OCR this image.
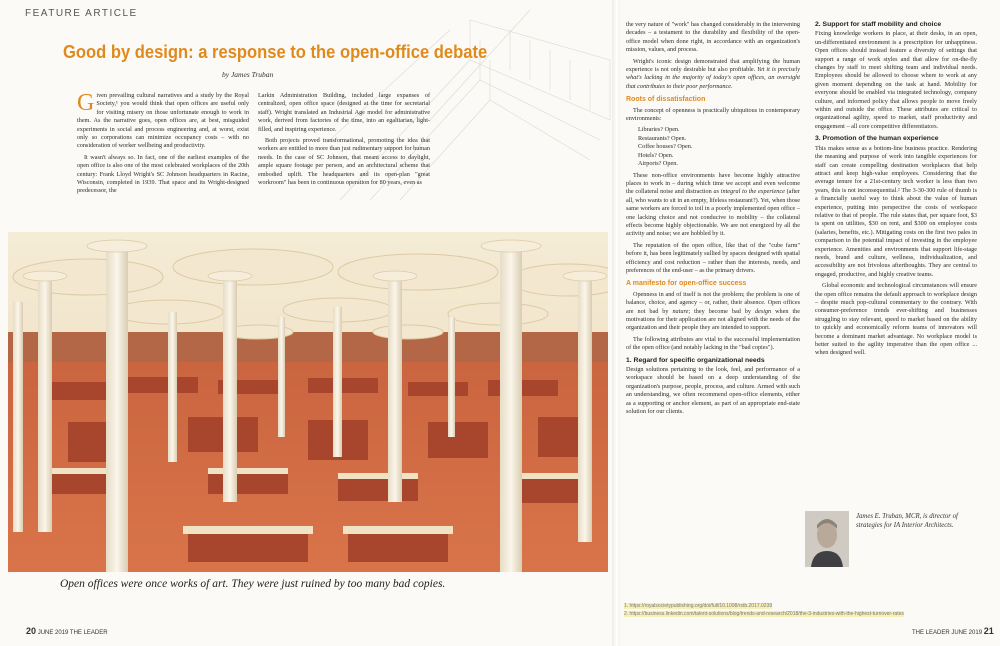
FEATURE ARTICLE
Good by design: a response to the open-office debate
by James Truban

Given prevailing cultural narratives and a study by the Royal Society,¹ you would think that open offices are useful only for visiting misery on those unfortunate enough to work in them. As the narrative goes, open offices are, at best, misguided experiments in social and process engineering and, at worst, exist only so corporations can minimize occupancy costs – with no consideration of worker wellbeing and productivity.

It wasn't always so. In fact, one of the earliest examples of the open office is also one of the most celebrated workplaces of the 20th century: Frank Lloyd Wright's SC Johnson headquarters in Racine, Wisconsin, completed in 1939. That space and its Wright-designed predecessor, the

Larkin Administration Building, included large expanses of centralized, open office space (designed at the time for secretarial staff). Wright translated an Industrial Age model for administrative work, derived from factories of the time, into an egalitarian, light-filled, and inspiring experience.

Both projects proved transformational, promoting the idea that workers are entitled to more than just rudimentary support for human needs. In the case of SC Johnson, that meant access to daylight, ample square footage per person, and an architectural scheme that embodied uplift. The headquarters and its open-plan "great workroom" has been in continuous operation for 80 years, even as

the very nature of "work" has changed considerably in the intervening decades – a testament to the durability and flexibility of the open-office model when done right, in accordance with an organization's mission, values, and process.

Wright's iconic design demonstrated that amplifying the human experience is not only desirable but also profitable. Yet it is precisely what's lacking in the majority of today's open offices, an oversight that contributes to their poor performance.

Roots of dissatisfaction

The concept of openness is practically ubiquitous in contemporary environments:

Libraries? Open.
Restaurants? Open.
Coffee houses? Open.
Hotels? Open.
Airports? Open.

These non-office environments have become highly attractive places to work in – during which time we accept and even welcome the collateral noise and distraction as integral to the experience (after all, who wants to sit in an empty, lifeless restaurant?). Yet, when those same workers are forced to toil in a poorly implemented open office – one lacking choice and not conducive to mobility – the collateral effects become highly objectionable. We are not energized by all the activity and noise; we are hobbled by it.

The reputation of the open office, like that of the "cube farm" before it, has been legitimately sullied by spaces designed with spatial efficiency and cost reduction – rather than the interests, needs, and preferences of the end-user – as the primary drivers.

A manifesto for open-office success

Openness in and of itself is not the problem; the problem is one of balance, choice, and agency – or, rather, their absence. Open offices are not bad by nature; they become bad by design when the motivations for their application are not aligned with the needs of the organization and their people they are intended to support.

The following attributes are vital to the successful implementation of the open office (and notably lacking in the "bad copies").

1. Regard for specific organizational needs

Design solutions pertaining to the look, feel, and performance of a workspace should be based on a deep understanding of the organization's purpose, people, process, and culture. Armed with such an understanding, we often recommend open-office elements, either as a supporting or anchor element, as part of an appropriate end-state solution for our clients.

2. Support for staff mobility and choice

Fixing knowledge workers in place, at their desks, in an open, un-differentiated environment is a prescription for unhappiness. Open offices should instead feature a diversity of settings that support a range of work styles and that allow for on-the-fly changes by staff to meet shifting team and individual needs. Employees should be allowed to choose where to work at any given moment depending on the task at hand. Mobility for everyone should be enabled via integrated technology, company culture, and informed policy that allows people to move freely within and outside the office. These attributes are critical to organizational agility, speed to market, staff productivity and engagement – all core competitive differentiators.

3. Promotion of the human experience

This makes sense as a bottom-line business practice. Rendering the meaning and purpose of work into tangible experiences for staff can create compelling destination workplaces that help attract and keep high-value employees. Considering that the average tenure for a 21st-century tech worker is less than two years, this is not inconsequential.² The 3-30-300 rule of thumb is a financially useful way to think about the value of human experience, putting into perspective the costs of workspace relative to that of people. The rule states that, per square foot, $3 is spent on utilities, $30 on rent, and $300 on employee costs (salaries, benefits, etc.). Mitigating costs on the first two pales in comparison to the potential impact of investing in the employee experience. Amenities and environments that support life-stage needs, brand and culture, wellness, individualization, and accessibility are not frivolous afterthoughts. They are central to engaged, productive, and highly creative teams.

Global economic and technological circumstances will ensure the open office remains the default approach to workplace design – despite much pop-cultural commentary to the contrary. With consumer-preference trends ever-shifting and businesses struggling to stay relevant, speed to market based on the ability to quickly and economically reform teams of innovators will become a dominant market advantage. No workplace model is better suited to the agility imperative than the open office ... when designed well.

James E. Truban, MCR, is director of strategies for IA Interior Architects.
Open offices were once works of art. They were just ruined by too many bad copies.
1. https://royalsocietypublishing.org/doi/full/10.1098/rstb.2017.0239
2. https://business.linkedin.com/talent-solutions/blog/trends-and-research/2018/the-3-industries-with-the-highest-turnover-rates
20 JUNE 2019 THE LEADER	THE LEADER JUNE 2019 21
